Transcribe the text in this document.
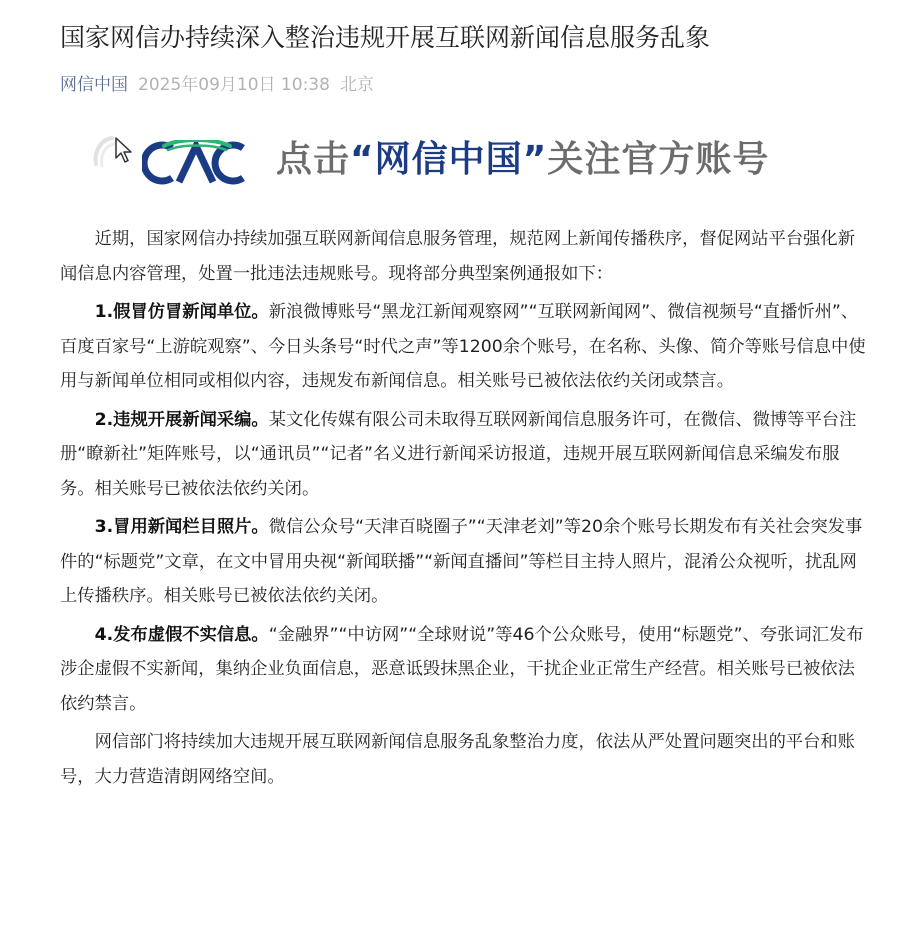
国家网信办持续深入整治违规开展互联网新闻信息服务乱象
网信中国 2025年09月10日 10:38 北京
点击“网信中国”关注官方账号

近期，国家网信办持续加强互联网新闻信息服务管理，规范网上新闻传播秩序，督促网站平台强化新闻信息内容管理，处置一批违法违规账号。现将部分典型案例通报如下：

1.假冒仿冒新闻单位。新浪微博账号“黑龙江新闻观察网”“互联网新闻网”、微信视频号“直播忻州”、百度百家号“上游皖观察”、今日头条号“时代之声”等1200余个账号，在名称、头像、简介等账号信息中使用与新闻单位相同或相似内容，违规发布新闻信息。相关账号已被依法依约关闭或禁言。

2.违规开展新闻采编。某文化传媒有限公司未取得互联网新闻信息服务许可，在微信、微博等平台注册“瞭新社”矩阵账号，以“通讯员”“记者”名义进行新闻采访报道，违规开展互联网新闻信息采编发布服务。相关账号已被依法依约关闭。

3.冒用新闻栏目照片。微信公众号“天津百晓圈子”“天津老刘”等20余个账号长期发布有关社会突发事件的“标题党”文章，在文中冒用央视“新闻联播”“新闻直播间”等栏目主持人照片，混淆公众视听，扰乱网上传播秩序。相关账号已被依法依约关闭。

4.发布虚假不实信息。“金融界”“中访网”“全球财说”等46个公众账号，使用“标题党”、夸张词汇发布涉企虚假不实新闻，集纳企业负面信息，恶意诋毁抹黑企业，干扰企业正常生产经营。相关账号已被依法依约禁言。

网信部门将持续加大违规开展互联网新闻信息服务乱象整治力度，依法从严处置问题突出的平台和账号，大力营造清朗网络空间。
